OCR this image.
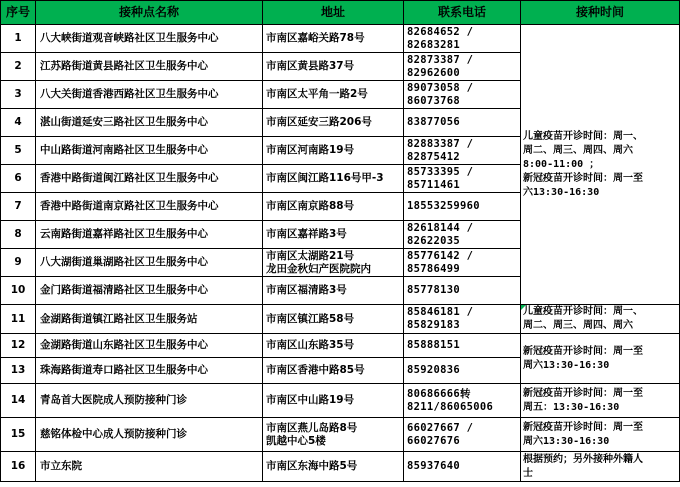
序号	接种点名称	地址	联系电话	接种时间
1	八大峡街道观音峡路社区卫生服务中心	市南区嘉峪关路78号	82684652 /
82683281	儿童疫苗开诊时间：周一、
周二、周三、周四、周六
8:00-11:00 ；
新冠疫苗开诊时间：周一至
六13:30-16:30

2	江苏路街道黄县路社区卫生服务中心	市南区黄县路37号	82873387 /
82962600	

3	八大关街道香港西路社区卫生服务中心	市南区太平角一路2号	89073058 /
86073768	

4	湛山街道延安三路社区卫生服务中心	市南区延安三路206号	83877056	

5	中山路街道河南路社区卫生服务中心	市南区河南路19号	82883387 /
82875412	

6	香港中路街道闽江路社区卫生服务中心	市南区闽江路116号甲-3	85733395 /
85711461	

7	香港中路街道南京路社区卫生服务中心	市南区南京路88号	18553259960	

8	云南路街道嘉祥路社区卫生服务中心	市南区嘉祥路3号	82618144 /
82622035	

9	八大湖街道巢湖路社区卫生服务中心	市南区太湖路21号
龙田金秋妇产医院院内	85776142 /
85786499	

10	金门路街道福清路社区卫生服务中心	市南区福清路3号	85778130	

11	金湖路街道镇江路社区卫生服务站	市南区镇江路58号	85846181 /
85829183	儿童疫苗开诊时间：周一、
周二、周三、周四、周六

12	金湖路街道山东路社区卫生服务中心	市南区山东路35号	85888151	新冠疫苗开诊时间：周一至
周六13:30-16:30

13	珠海路街道寿口路社区卫生服务中心	市南区香港中路85号	85920836	

14	青岛首大医院成人预防接种门诊	市南区中山路19号	80686666转
8211/86065006	新冠疫苗开诊时间：周一至
周五：13:30-16:30

15	慈铭体检中心成人预防接种门诊	市南区燕儿岛路8号
凯越中心5楼	66027667 /
66027676	新冠疫苗开诊时间：周一至
周六13:30-16:30

16	市立东院	市南区东海中路5号	85937640	根据预约；另外接种外籍人
士
